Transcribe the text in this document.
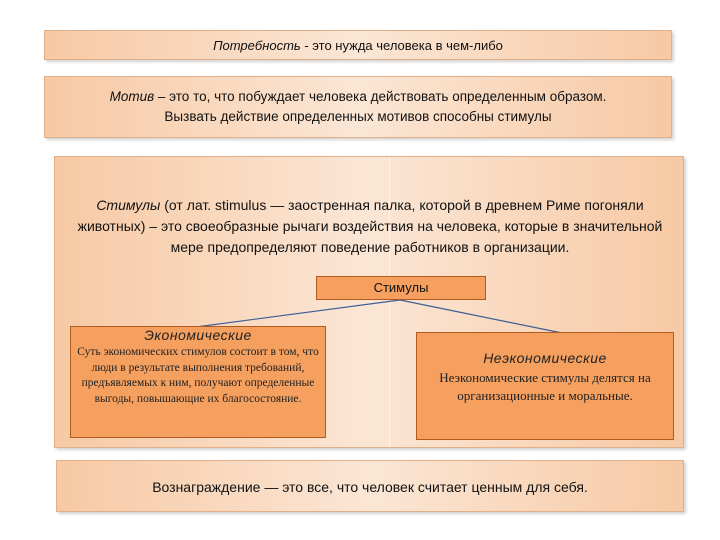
Потребность - это нужда человека в чем-либо
Мотив – это то, что побуждает человека действовать определенным образом.
Вызвать действие определенных мотивов способны стимулы
Стимулы (от лат. stimulus — заостренная палка, которой в древнем Риме погоняли животных) – это своеобразные рычаги воздействия на человека, которые в значительной мере предопределяют поведение работников в организации.
Стимулы
Экономические
Суть экономических стимулов состоит в том, что люди в результате выполнения требований, предъявляемых к ним, получают определенные выгоды, повышающие их благосостояние.
Неэкономические
Неэкономические стимулы делятся на организационные и моральные.
Вознаграждение — это все, что человек считает ценным для себя.
